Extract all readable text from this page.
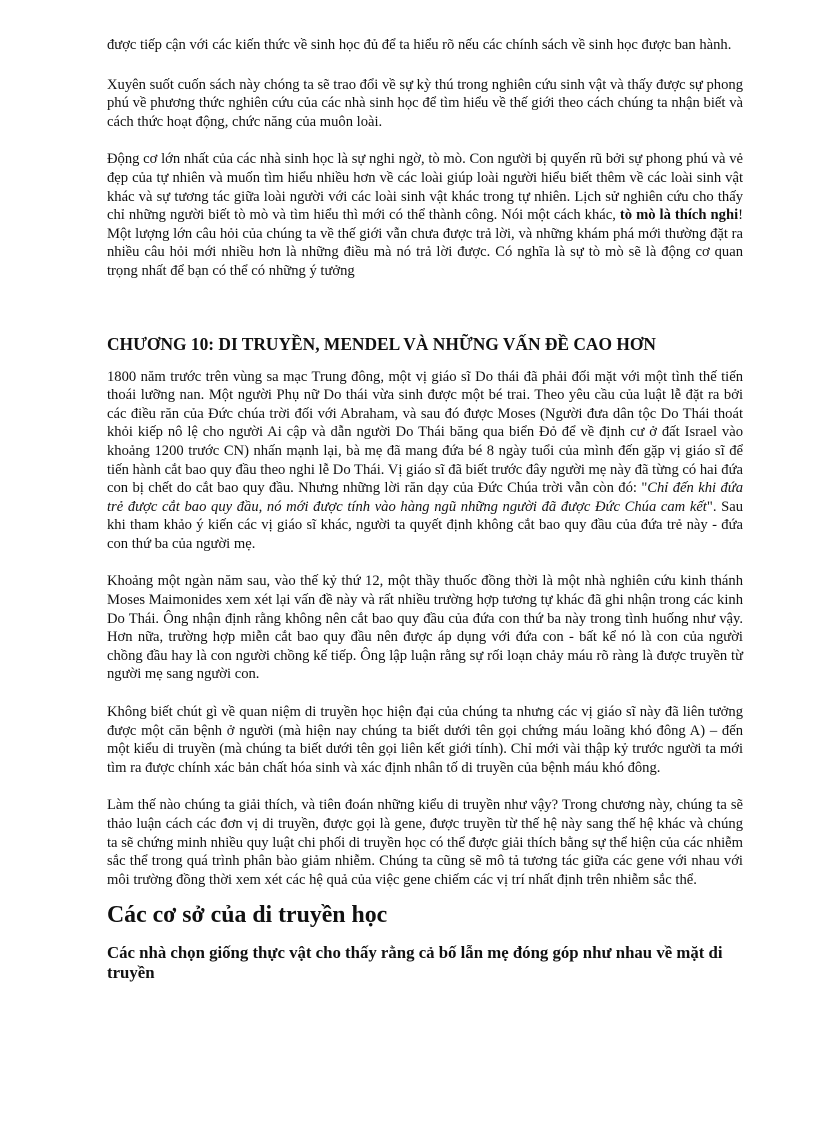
được tiếp cận với các kiến thức về sinh học đủ để ta hiểu rõ nếu các chính sách về sinh học được ban hành.

Xuyên suốt cuốn sách này chóng ta sẽ trao đổi về sự kỳ thú trong nghiên cứu sinh vật và thấy được sự phong phú về phương thức nghiên cứu của các nhà sinh học để tìm hiểu về thế giới theo cách chúng ta nhận biết và cách thức hoạt động, chức năng của muôn loài.

Động cơ lớn nhất của các nhà sinh học là sự nghi ngờ, tò mò. Con người bị quyến rũ bởi sự phong phú và vẻ đẹp của tự nhiên và muốn tìm hiểu nhiều hơn về các loài giúp loài người hiểu biết thêm về các loài sinh vật khác và sự tương tác giữa loài người với các loài sinh vật khác trong tự nhiên. Lịch sử nghiên cứu cho thấy chỉ những người biết tò mò và tìm hiểu thì mới có thể thành công. Nói một cách khác, tò mò là thích nghi! Một lượng lớn câu hỏi của chúng ta về thế giới vẫn chưa được trả lời, và những khám phá mới thường đặt ra nhiều câu hỏi mới nhiều hơn là những điều mà nó trả lời được. Có nghĩa là sự tò mò sẽ là động cơ quan trọng nhất để bạn có thể có những ý tưởng

CHƯƠNG 10: DI TRUYỀN, MENDEL VÀ NHỮNG VẤN ĐỀ CAO HƠN

1800 năm trước trên vùng sa mạc Trung đông, một vị giáo sĩ Do thái đã phải đối mặt với một tình thế tiến thoái lưỡng nan. Một người Phụ nữ Do thái vừa sinh được một bé trai. Theo yêu cầu của luật lễ đặt ra bởi các điều răn của Đức chúa trời đối với Abraham, và sau đó được Moses (Người đưa dân tộc Do Thái thoát khỏi kiếp nô lệ cho người Ai cập và dẫn người Do Thái băng qua biển Đỏ để về định cư ở đất Israel vào khoảng 1200 trước CN) nhấn mạnh lại, bà mẹ đã mang đứa bé 8 ngày tuổi của mình đến gặp vị giáo sĩ để tiến hành cắt bao quy đầu theo nghi lễ Do Thái. Vị giáo sĩ đã biết trước đây người mẹ này đã từng có hai đứa con bị chết do cắt bao quy đầu. Nhưng những lời răn dạy của Đức Chúa trời vẫn còn đó: "Chỉ đến khi đứa trẻ được cắt bao quy đầu, nó mới được tính vào hàng ngũ những người đã được Đức Chúa cam kết". Sau khi tham khảo ý kiến các vị giáo sĩ khác, người ta quyết định không cắt bao quy đầu của đứa trẻ này - đứa con thứ ba của người mẹ.

Khoảng một ngàn năm sau, vào thế kỷ thứ 12, một thầy thuốc đồng thời là một nhà nghiên cứu kinh thánh Moses Maimonides xem xét lại vấn đề này và rất nhiều trường hợp tương tự khác đã ghi nhận trong các kinh Do Thái. Ông nhận định rằng không nên cắt bao quy đầu của đứa con thứ ba này trong tình huống như vậy. Hơn nữa, trường hợp miễn cắt bao quy đầu nên được áp dụng với đứa con - bất kể nó là con của người chồng đầu hay là con người chồng kế tiếp. Ông lập luận rằng sự rối loạn chảy máu rõ ràng là được truyền từ người mẹ sang người con.

Không biết chút gì về quan niệm di truyền học hiện đại của chúng ta nhưng các vị giáo sĩ này đã liên tưởng được một căn bệnh ở người (mà hiện nay chúng ta biết dưới tên gọi chứng máu loãng khó đông A) – đến một kiểu di truyền (mà chúng ta biết dưới tên gọi liên kết giới tính). Chỉ mới vài thập kỷ trước người ta mới tìm ra được chính xác bản chất hóa sinh và xác định nhân tố di truyền của bệnh máu khó đông.

Làm thế nào chúng ta giải thích, và tiên đoán những kiểu di truyền như vậy? Trong chương này, chúng ta sẽ thảo luận cách các đơn vị di truyền, được gọi là gene, được truyền từ thế hệ này sang thế hệ khác và chúng ta sẽ chứng minh nhiều quy luật chi phối di truyền học có thể được giải thích bằng sự thể hiện của các nhiễm sắc thể trong quá trình phân bào giảm nhiễm. Chúng ta cũng sẽ mô tả tương tác giữa các gene với nhau với môi trường đồng thời xem xét các hệ quả của việc gene chiếm các vị trí nhất định trên nhiễm sắc thể.

Các cơ sở của di truyền học
Các nhà chọn giống thực vật cho thấy rằng cả bố lẫn mẹ đóng góp như nhau về mặt di truyền
